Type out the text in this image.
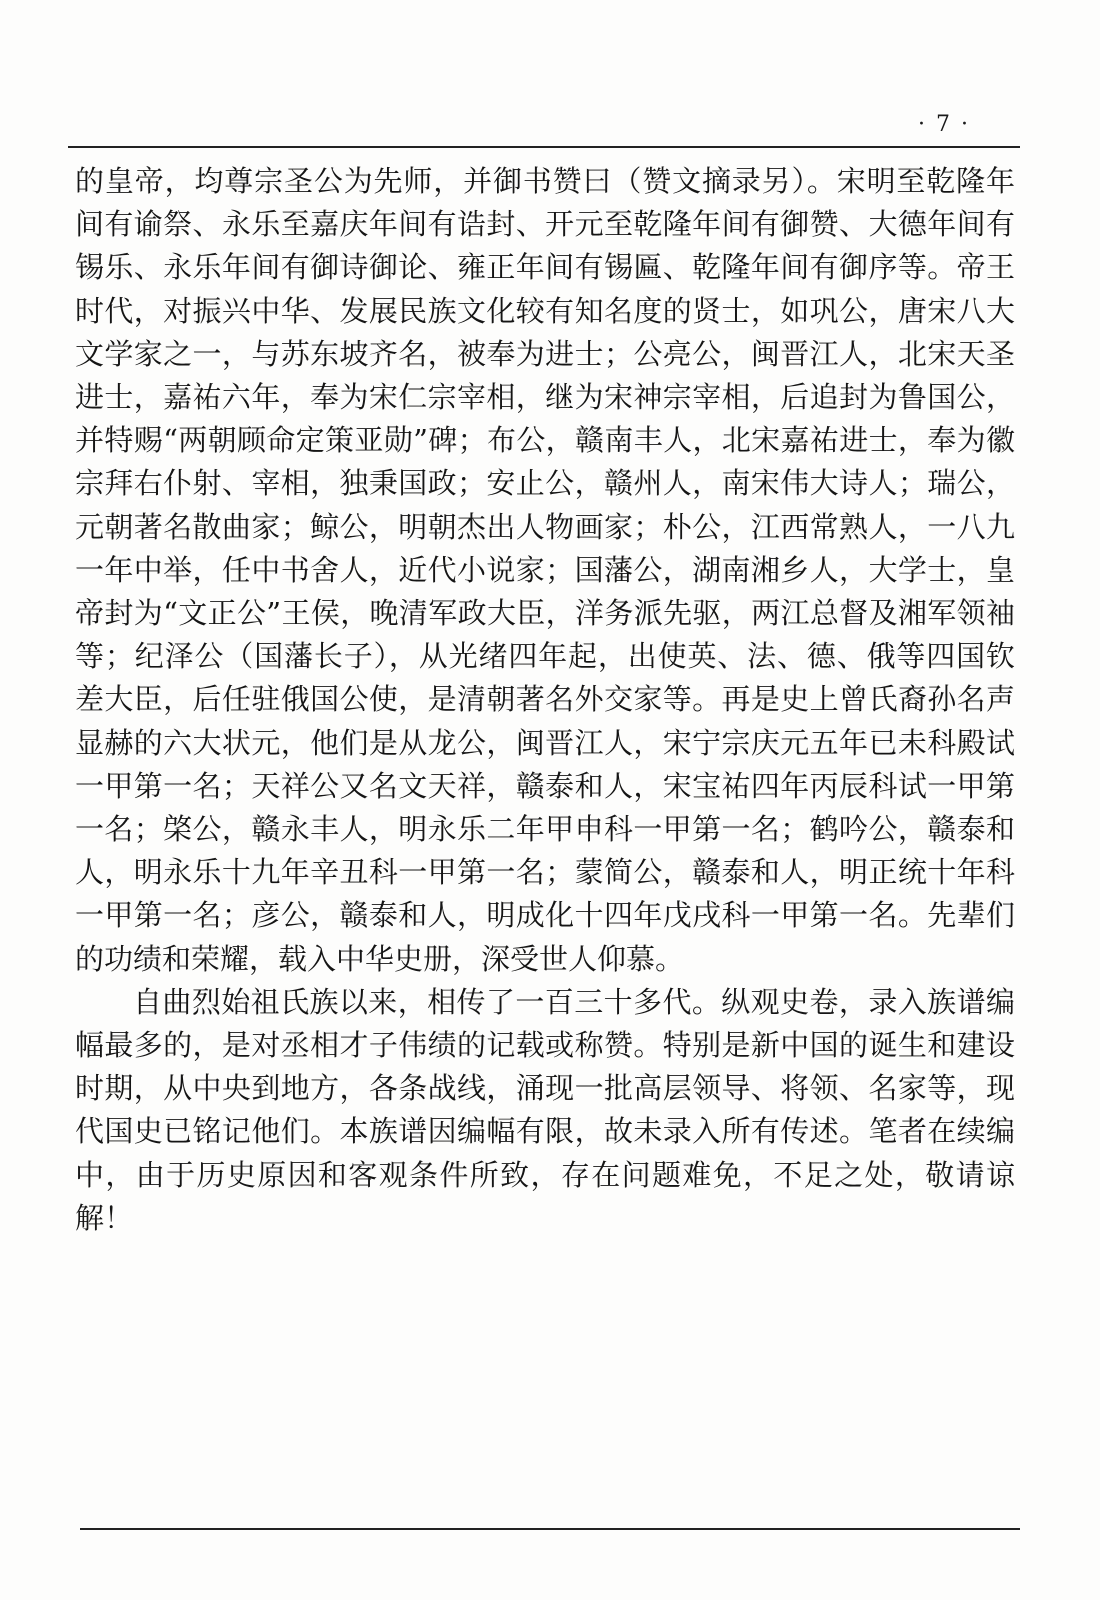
· 7 ·

的皇帝，均尊宗圣公为先师，并御书赞曰（赞文摘录另）。宋明至乾隆年间有谕祭、永乐至嘉庆年间有诰封、开元至乾隆年间有御赞、大德年间有锡乐、永乐年间有御诗御论、雍正年间有锡匾、乾隆年间有御序等。帝王时代，对振兴中华、发展民族文化较有知名度的贤士，如巩公，唐宋八大文学家之一，与苏东坡齐名，被奉为进士；公亮公，闽晋江人，北宋天圣进士，嘉祐六年，奉为宋仁宗宰相，继为宋神宗宰相，后追封为鲁国公，并特赐“两朝顾命定策亚勋”碑；布公，赣南丰人，北宋嘉祐进士，奉为徽宗拜右仆射、宰相，独秉国政；安止公，赣州人，南宋伟大诗人；瑞公，元朝著名散曲家；鲸公，明朝杰出人物画家；朴公，江西常熟人，一八九一年中举，任中书舍人，近代小说家；国藩公，湖南湘乡人，大学士，皇帝封为“文正公”王侯，晚清军政大臣，洋务派先驱，两江总督及湘军领袖等；纪泽公（国藩长子），从光绪四年起，出使英、法、德、俄等四国钦差大臣，后任驻俄国公使，是清朝著名外交家等。再是史上曾氏裔孙名声显赫的六大状元，他们是从龙公，闽晋江人，宋宁宗庆元五年已未科殿试一甲第一名；天祥公又名文天祥，赣泰和人，宋宝祐四年丙辰科试一甲第一名；棨公，赣永丰人，明永乐二年甲申科一甲第一名；鹤吟公，赣泰和人，明永乐十九年辛丑科一甲第一名；蒙简公，赣泰和人，明正统十年科一甲第一名；彦公，赣泰和人，明成化十四年戊戌科一甲第一名。先辈们的功绩和荣耀，载入中华史册，深受世人仰慕。

自曲烈始祖氏族以来，相传了一百三十多代。纵观史卷，录入族谱编幅最多的，是对丞相才子伟绩的记载或称赞。特别是新中国的诞生和建设时期，从中央到地方，各条战线，涌现一批高层领导、将领、名家等，现代国史已铭记他们。本族谱因编幅有限，故未录入所有传述。笔者在续编中，由于历史原因和客观条件所致，存在问题难免，不足之处，敬请谅解！
